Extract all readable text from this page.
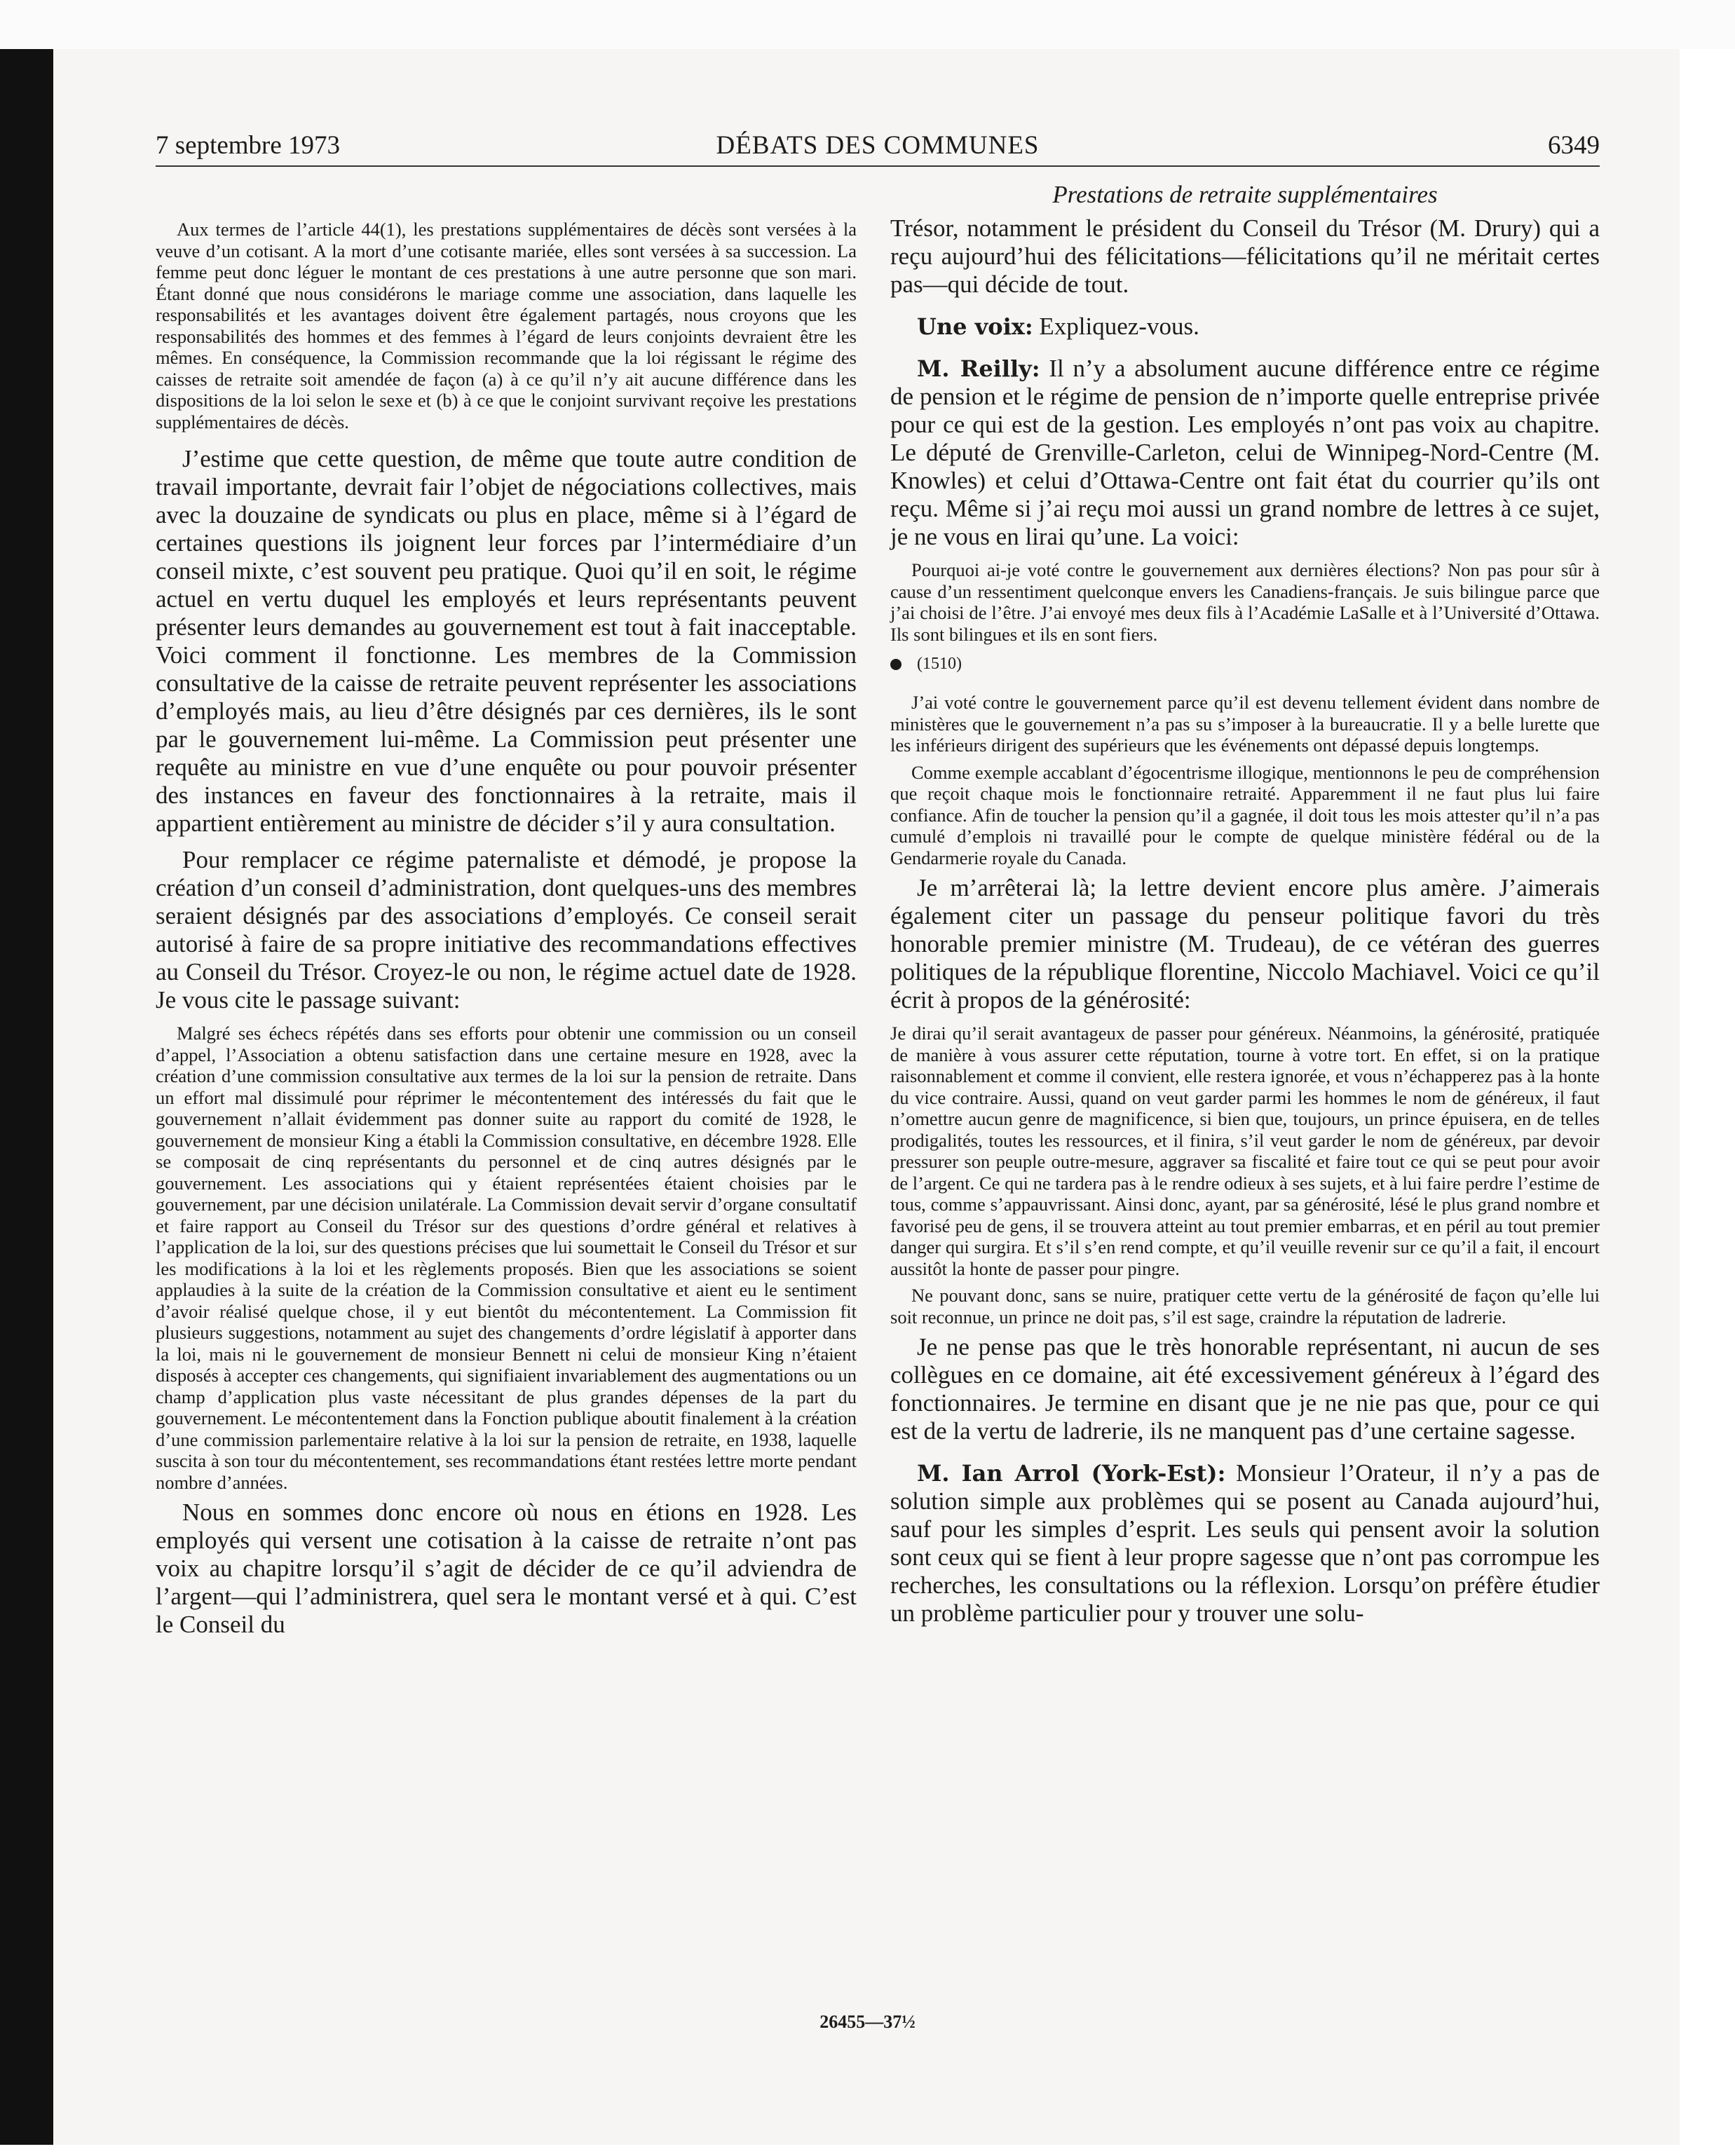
7 septembre 1973	DÉBATS DES COMMUNES	6349
Prestations de retraite supplémentaires

Aux termes de l’article 44(1), les prestations supplémentaires de décès sont versées à la veuve d’un cotisant. A la mort d’une cotisante mariée, elles sont versées à sa succession. La femme peut donc léguer le montant de ces prestations à une autre personne que son mari. Étant donné que nous considérons le mariage comme une association, dans laquelle les responsabilités et les avantages doivent être également partagés, nous croyons que les responsabilités des hommes et des femmes à l’égard de leurs conjoints devraient être les mêmes. En conséquence, la Commission recommande que la loi régissant le régime des caisses de retraite soit amendée de façon (a) à ce qu’il n’y ait aucune différence dans les dispositions de la loi selon le sexe et (b) à ce que le conjoint survivant reçoive les prestations supplémentaires de décès.

J’estime que cette question, de même que toute autre condition de travail importante, devrait fair l’objet de négociations collectives, mais avec la douzaine de syndicats ou plus en place, même si à l’égard de certaines questions ils joignent leur forces par l’intermédiaire d’un conseil mixte, c’est souvent peu pratique. Quoi qu’il en soit, le régime actuel en vertu duquel les employés et leurs représentants peuvent présenter leurs demandes au gouvernement est tout à fait inacceptable. Voici comment il fonctionne. Les membres de la Commission consultative de la caisse de retraite peuvent représenter les associations d’employés mais, au lieu d’être désignés par ces dernières, ils le sont par le gouvernement lui-même. La Commission peut présenter une requête au ministre en vue d’une enquête ou pour pouvoir présenter des instances en faveur des fonctionnaires à la retraite, mais il appartient entièrement au ministre de décider s’il y aura consultation.

Pour remplacer ce régime paternaliste et démodé, je propose la création d’un conseil d’administration, dont quelques-uns des membres seraient désignés par des associations d’employés. Ce conseil serait autorisé à faire de sa propre initiative des recommandations effectives au Conseil du Trésor. Croyez-le ou non, le régime actuel date de 1928. Je vous cite le passage suivant:

Malgré ses échecs répétés dans ses efforts pour obtenir une commission ou un conseil d’appel, l’Association a obtenu satisfaction dans une certaine mesure en 1928, avec la création d’une commission consultative aux termes de la loi sur la pension de retraite. Dans un effort mal dissimulé pour réprimer le mécontentement des intéressés du fait que le gouvernement n’allait évidemment pas donner suite au rapport du comité de 1928, le gouvernement de monsieur King a établi la Commission consultative, en décembre 1928. Elle se composait de cinq représentants du personnel et de cinq autres désignés par le gouvernement. Les associations qui y étaient représentées étaient choisies par le gouvernement, par une décision unilatérale. La Commission devait servir d’organe consultatif et faire rapport au Conseil du Trésor sur des questions d’ordre général et relatives à l’application de la loi, sur des questions précises que lui soumettait le Conseil du Trésor et sur les modifications à la loi et les règlements proposés. Bien que les associations se soient applaudies à la suite de la création de la Commission consultative et aient eu le sentiment d’avoir réalisé quelque chose, il y eut bientôt du mécontentement. La Commission fit plusieurs suggestions, notamment au sujet des changements d’ordre législatif à apporter dans la loi, mais ni le gouvernement de monsieur Bennett ni celui de monsieur King n’étaient disposés à accepter ces changements, qui signifiaient invariablement des augmentations ou un champ d’application plus vaste nécessitant de plus grandes dépenses de la part du gouvernement. Le mécontentement dans la Fonction publique aboutit finalement à la création d’une commission parlementaire relative à la loi sur la pension de retraite, en 1938, laquelle suscita à son tour du mécontentement, ses recommandations étant restées lettre morte pendant nombre d’années.

Nous en sommes donc encore où nous en étions en 1928. Les employés qui versent une cotisation à la caisse de retraite n’ont pas voix au chapitre lorsqu’il s’agit de décider de ce qu’il adviendra de l’argent—qui l’administrera, quel sera le montant versé et à qui. C’est le Conseil du

Trésor, notamment le président du Conseil du Trésor (M. Drury) qui a reçu aujourd’hui des félicitations—félicitations qu’il ne méritait certes pas—qui décide de tout.

Une voix: Expliquez-vous.

M. Reilly: Il n’y a absolument aucune différence entre ce régime de pension et le régime de pension de n’importe quelle entreprise privée pour ce qui est de la gestion. Les employés n’ont pas voix au chapitre. Le député de Grenville-Carleton, celui de Winnipeg-Nord-Centre (M. Knowles) et celui d’Ottawa-Centre ont fait état du courrier qu’ils ont reçu. Même si j’ai reçu moi aussi un grand nombre de lettres à ce sujet, je ne vous en lirai qu’une. La voici:

Pourquoi ai-je voté contre le gouvernement aux dernières élections? Non pas pour sûr à cause d’un ressentiment quelconque envers les Canadiens-français. Je suis bilingue parce que j’ai choisi de l’être. J’ai envoyé mes deux fils à l’Académie LaSalle et à l’Université d’Ottawa. Ils sont bilingues et ils en sont fiers.

(1510)

J’ai voté contre le gouvernement parce qu’il est devenu tellement évident dans nombre de ministères que le gouvernement n’a pas su s’imposer à la bureaucratie. Il y a belle lurette que les inférieurs dirigent des supérieurs que les événements ont dépassé depuis longtemps.

Comme exemple accablant d’égocentrisme illogique, mentionnons le peu de compréhension que reçoit chaque mois le fonctionnaire retraité. Apparemment il ne faut plus lui faire confiance. Afin de toucher la pension qu’il a gagnée, il doit tous les mois attester qu’il n’a pas cumulé d’emplois ni travaillé pour le compte de quelque ministère fédéral ou de la Gendarmerie royale du Canada.

Je m’arrêterai là; la lettre devient encore plus amère. J’aimerais également citer un passage du penseur politique favori du très honorable premier ministre (M. Trudeau), de ce vétéran des guerres politiques de la république florentine, Niccolo Machiavel. Voici ce qu’il écrit à propos de la générosité:

Je dirai qu’il serait avantageux de passer pour généreux. Néanmoins, la générosité, pratiquée de manière à vous assurer cette réputation, tourne à votre tort. En effet, si on la pratique raisonnablement et comme il convient, elle restera ignorée, et vous n’échapperez pas à la honte du vice contraire. Aussi, quand on veut garder parmi les hommes le nom de généreux, il faut n’omettre aucun genre de magnificence, si bien que, toujours, un prince épuisera, en de telles prodigalités, toutes les ressources, et il finira, s’il veut garder le nom de généreux, par devoir pressurer son peuple outre-mesure, aggraver sa fiscalité et faire tout ce qui se peut pour avoir de l’argent. Ce qui ne tardera pas à le rendre odieux à ses sujets, et à lui faire perdre l’estime de tous, comme s’appauvrissant. Ainsi donc, ayant, par sa générosité, lésé le plus grand nombre et favorisé peu de gens, il se trouvera atteint au tout premier embarras, et en péril au tout premier danger qui surgira. Et s’il s’en rend compte, et qu’il veuille revenir sur ce qu’il a fait, il encourt aussitôt la honte de passer pour pingre.

Ne pouvant donc, sans se nuire, pratiquer cette vertu de la générosité de façon qu’elle lui soit reconnue, un prince ne doit pas, s’il est sage, craindre la réputation de ladrerie.

Je ne pense pas que le très honorable représentant, ni aucun de ses collègues en ce domaine, ait été excessivement généreux à l’égard des fonctionnaires. Je termine en disant que je ne nie pas que, pour ce qui est de la vertu de ladrerie, ils ne manquent pas d’une certaine sagesse.

M. Ian Arrol (York-Est): Monsieur l’Orateur, il n’y a pas de solution simple aux problèmes qui se posent au Canada aujourd’hui, sauf pour les simples d’esprit. Les seuls qui pensent avoir la solution sont ceux qui se fient à leur propre sagesse que n’ont pas corrompue les recherches, les consultations ou la réflexion. Lorsqu’on préfère étudier un problème particulier pour y trouver une solu-

26455—37½
